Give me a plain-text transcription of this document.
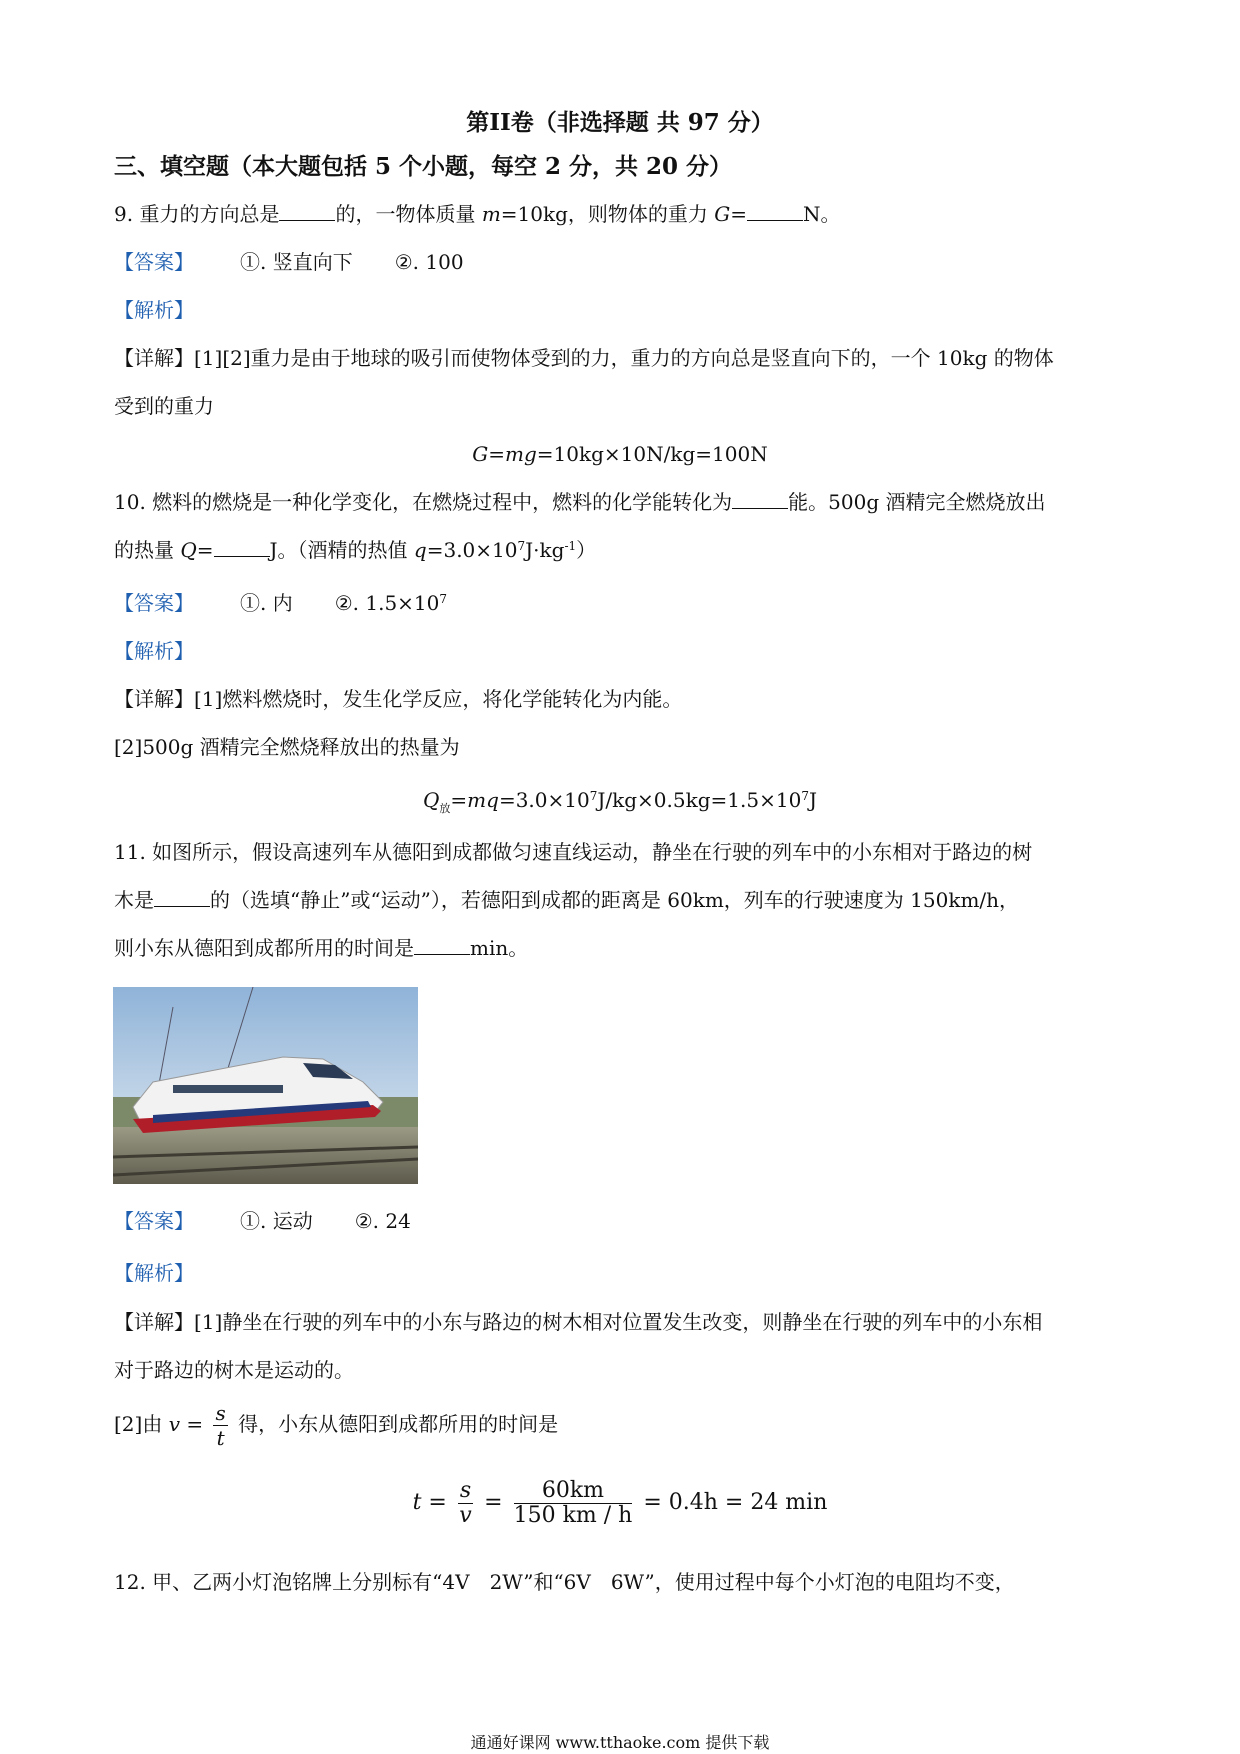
第II卷（非选择题 共 97 分）
三、填空题（本大题包括 5 个小题，每空 2 分，共 20 分）
9. 重力的方向总是	的，一物体质量 m=10kg，则物体的重力 G=	N。
【答案】 ①. 竖直向下 ②. 100
【解析】
【详解】[1][2]重力是由于地球的吸引而使物体受到的力，重力的方向总是竖直向下的，一个 10kg 的物体
受到的重力
G=mg=10kg×10N/kg=100N
10. 燃料的燃烧是一种化学变化，在燃烧过程中，燃料的化学能转化为	能。500g 酒精完全燃烧放出
的热量 Q=	J。（酒精的热值 $q=3.0\times 10^7J\cdot kg^{-1}$）
【答案】 ①. 内 ②. $1.5\times 10^7$
【解析】
【详解】[1]燃料燃烧时，发生化学反应，将化学能转化为内能。
[2]500g 酒精完全燃烧释放出的热量为
$Q_放=mq=3.0\times 10^7J/kg\times 0.5kg=1.5\times 10^7J$
11. 如图所示，假设高速列车从德阳到成都做匀速直线运动，静坐在行驶的列车中的小东相对于路边的树
木是	的（选填“静止”或“运动”），若德阳到成都的距离是 60km，列车的行驶速度为 150km/h，
则小东从德阳到成都所用的时间是	min。
【答案】 ①. 运动 ②. 24
【解析】
【详解】[1]静坐在行驶的列车中的小东与路边的树木相对位置发生改变，则静坐在行驶的列车中的小东相
对于路边的树木是运动的。
[2]由 $v = \frac{s}{t}$ 得，小东从德阳到成都所用的时间是
$t = \frac{s}{v} = \frac{60km}{150 km / h} = 0.4h = 24$ min
12. 甲、乙两小灯泡铭牌上分别标有“4V　2W”和“6V　6W”，使用过程中每个小灯泡的电阻均不变，
通通好课网 www.tthaoke.com 提供下载
